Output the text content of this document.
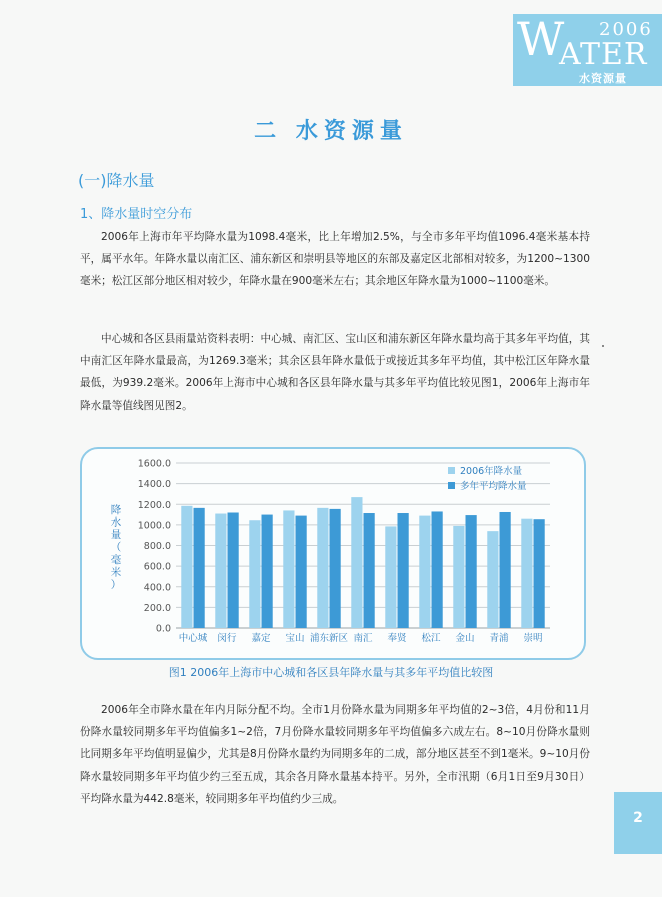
W
ATER
2006
水资源量
二 水资源量
(一)降水量
1、降水量时空分布

2006年上海市年平均降水量为1098.4毫米，比上年增加2.5%，与全市多年平均值1096.4毫米基本持平，属平水年。年降水量以南汇区、浦东新区和崇明县等地区的东部及嘉定区北部相对较多，为1200~1300毫米；松江区部分地区相对较少，年降水量在900毫米左右；其余地区年降水量为1000~1100毫米。

中心城和各区县雨量站资料表明：中心城、南汇区、宝山区和浦东新区年降水量均高于其多年平均值，其中南汇区年降水量最高，为1269.3毫米；其余区县年降水量低于或接近其多年平均值，其中松江区年降水量最低，为939.2毫米。2006年上海市中心城和各区县年降水量与其多年平均值比较见图1，2006年上海市年降水量等值线图见图2。

0.0
200.0
400.0
600.0
800.0
1000.0
1200.0
1400.0
1600.0
降水量（毫米）
中心城 闵行 嘉定 宝山 浦东新区 南汇 奉贤 松江 金山 青浦 崇明
2006年降水量
多年平均降水量
图1 2006年上海市中心城和各区县年降水量与其多年平均值比较图

2006年全市降水量在年内月际分配不均。全市1月份降水量为同期多年平均值的2~3倍，4月份和11月份降水量较同期多年平均值偏多1~2倍，7月份降水量较同期多年平均值偏多六成左右。8~10月份降水量则比同期多年平均值明显偏少，尤其是8月份降水量约为同期多年的二成，部分地区甚至不到1毫米。9~10月份降水量较同期多年平均值少约三至五成，其余各月降水量基本持平。另外，全市汛期（6月1日至9月30日）平均降水量为442.8毫米，较同期多年平均值约少三成。

2
